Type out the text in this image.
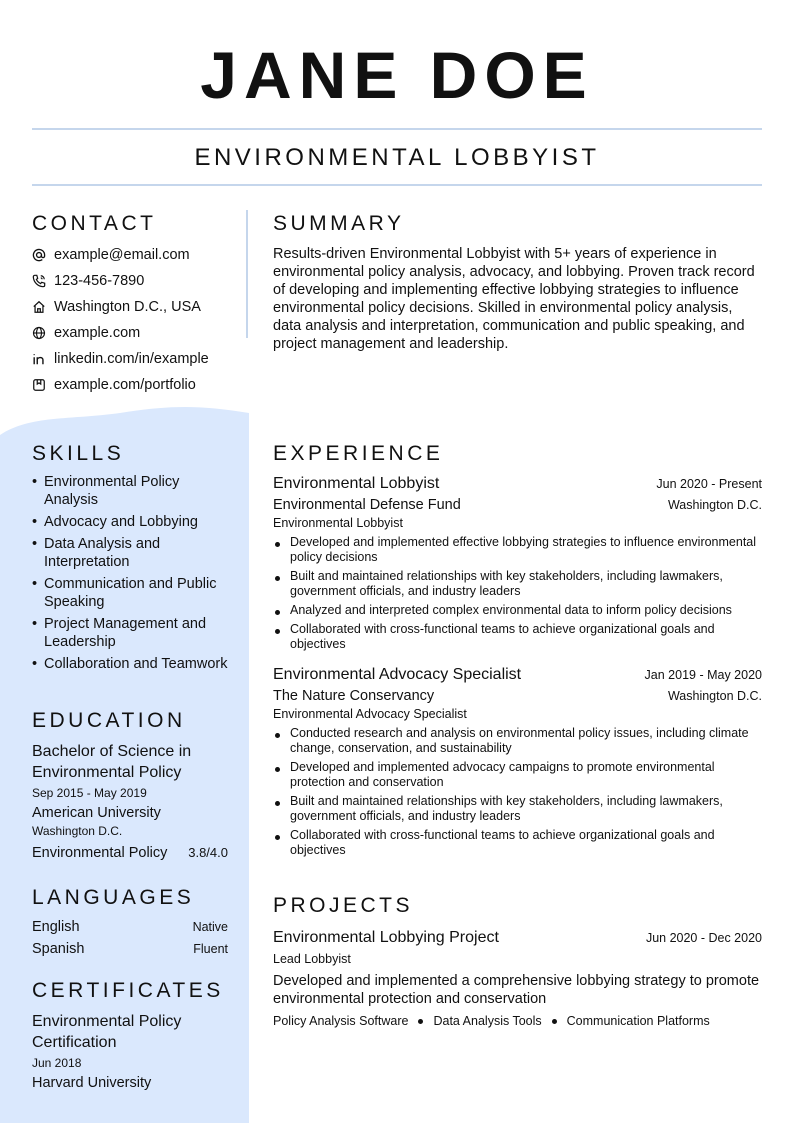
JANE DOE
ENVIRONMENTAL LOBBYIST
CONTACT
example@email.com
123-456-7890
Washington D.C., USA
example.com
linkedin.com/in/example
example.com/portfolio
SKILLS
• Environmental Policy Analysis
• Advocacy and Lobbying
• Data Analysis and Interpretation
• Communication and Public Speaking
• Project Management and Leadership
• Collaboration and Teamwork
EDUCATION
Bachelor of Science in Environmental Policy
Sep 2015 - May 2019
American University
Washington D.C.
Environmental Policy 3.8/4.0
LANGUAGES
English	Native
Spanish	Fluent
CERTIFICATES
Environmental Policy Certification
Jun 2018
Harvard University
SUMMARY

Results-driven Environmental Lobbyist with 5+ years of experience in environmental policy analysis, advocacy, and lobbying. Proven track record of developing and implementing effective lobbying strategies to influence environmental policy decisions. Skilled in environmental policy analysis, data analysis and interpretation, communication and public speaking, and project management and leadership.

EXPERIENCE
Environmental Lobbyist	Jun 2020 - Present
Environmental Defense Fund	Washington D.C.
Environmental Lobbyist
Developed and implemented effective lobbying strategies to influence environmental policy decisions
Built and maintained relationships with key stakeholders, including lawmakers, government officials, and industry leaders
Analyzed and interpreted complex environmental data to inform policy decisions
Collaborated with cross-functional teams to achieve organizational goals and objectives
Environmental Advocacy Specialist	Jan 2019 - May 2020
The Nature Conservancy	Washington D.C.
Environmental Advocacy Specialist
Conducted research and analysis on environmental policy issues, including climate change, conservation, and sustainability
Developed and implemented advocacy campaigns to promote environmental protection and conservation
Built and maintained relationships with key stakeholders, including lawmakers, government officials, and industry leaders
Collaborated with cross-functional teams to achieve organizational goals and objectives
PROJECTS
Environmental Lobbying Project	Jun 2020 - Dec 2020
Lead Lobbyist
Developed and implemented a comprehensive lobbying strategy to promote environmental protection and conservation
Policy Analysis Software Data Analysis Tools Communication Platforms
